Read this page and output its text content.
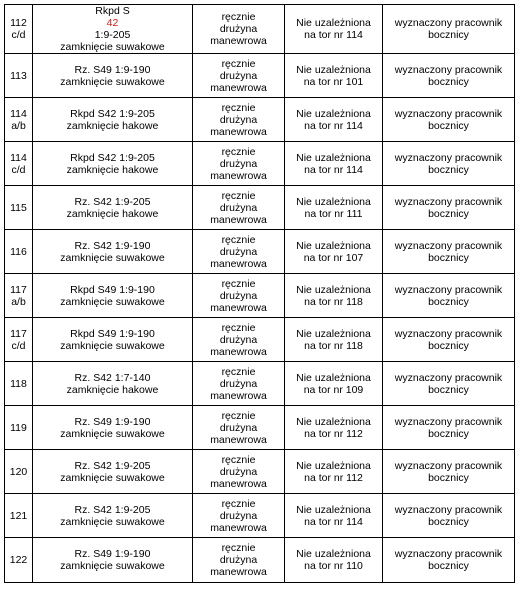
112
c/d	Rkpd S
42
1:9-205
zamknięcie suwakowe	ręcznie
drużyna
manewrowa	Nie uzależniona
na tor nr 114	wyznaczony pracownik
bocznicy

113	Rz. S49 1:9-190
zamknięcie suwakowe	ręcznie
drużyna
manewrowa	Nie uzależniona
na tor nr 101	wyznaczony pracownik
bocznicy

114
a/b	Rkpd S42 1:9-205
zamknięcie hakowe	ręcznie
drużyna
manewrowa	Nie uzależniona
na tor nr 114	wyznaczony pracownik
bocznicy

114
c/d	Rkpd S42 1:9-205
zamknięcie hakowe	ręcznie
drużyna
manewrowa	Nie uzależniona
na tor nr 114	wyznaczony pracownik
bocznicy

115	Rz. S42 1:9-205
zamknięcie hakowe	ręcznie
drużyna
manewrowa	Nie uzależniona
na tor nr 111	wyznaczony pracownik
bocznicy

116	Rz. S42 1:9-190
zamknięcie suwakowe	ręcznie
drużyna
manewrowa	Nie uzależniona
na tor nr 107	wyznaczony pracownik
bocznicy

117
a/b	Rkpd S49 1:9-190
zamknięcie suwakowe	ręcznie
drużyna
manewrowa	Nie uzależniona
na tor nr 118	wyznaczony pracownik
bocznicy

117
c/d	Rkpd S49 1:9-190
zamknięcie suwakowe	ręcznie
drużyna
manewrowa	Nie uzależniona
na tor nr 118	wyznaczony pracownik
bocznicy

118	Rz. S42 1:7-140
zamknięcie hakowe	ręcznie
drużyna
manewrowa	Nie uzależniona
na tor nr 109	wyznaczony pracownik
bocznicy

119	Rz. S49 1:9-190
zamknięcie suwakowe	ręcznie
drużyna
manewrowa	Nie uzależniona
na tor nr 112	wyznaczony pracownik
bocznicy

120	Rz. S42 1:9-205
zamknięcie suwakowe	ręcznie
drużyna
manewrowa	Nie uzależniona
na tor nr 112	wyznaczony pracownik
bocznicy

121	Rz. S42 1:9-205
zamknięcie suwakowe	ręcznie
drużyna
manewrowa	Nie uzależniona
na tor nr 114	wyznaczony pracownik
bocznicy

122	Rz. S49 1:9-190
zamknięcie suwakowe	ręcznie
drużyna
manewrowa	Nie uzależniona
na tor nr 110	wyznaczony pracownik
bocznicy
